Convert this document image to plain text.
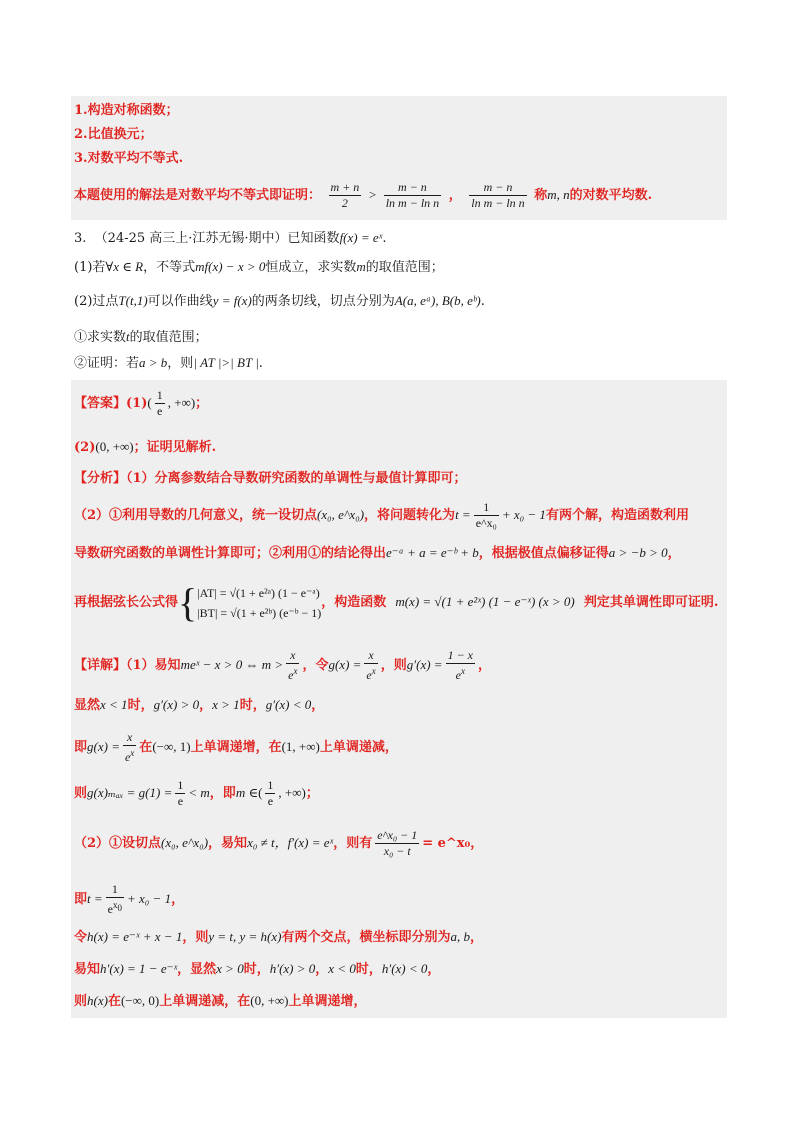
1.构造对称函数；
2.比值换元；
3.对数平均不等式.
本题使用的解法是对数平均不等式即证明： $\frac{m + n}{2} > \frac{m - n}{\text{ln m − ln n}}$ ， $\frac{m - n}{\text{ln m − ln n}}$ 称m, n的对数平均数.
3. （24-25 高三上·江苏无锡·期中）已知函数f(x) = eˣ.
(1)若∀x ∈ R，不等式mf(x) − x > 0恒成立，求实数m的取值范围；
(2)过点T(t,1)可以作曲线y = f(x)的两条切线，切点分别为A(a, eᵃ), B(b, eᵇ).
①求实数t的取值范围；
②证明：若a > b，则| AT |>| BT |.
【答案】$(1)( \frac{1}{e}$ , +∞)；
(2)(0, +∞)；证明见解析.
【分析】（1）分离参数结合导数研究函数的单调性与最值计算即可；
（2）①利用导数的几何意义，统一设切点(x₀, e^x₀)，将问题转化为$t = \frac{1}{\text{e\textasciicircum{}x₀}} + x_0 - 1$有两个解，构造函数利用
导数研究函数的单调性计算即可；②利用①的结论得出e⁻ᵃ + a = e⁻ᵇ + b，根据极值点偏移证得a > −b > 0，
再根据弦长公式得{ |AT| = √(1 + e²ᵃ) (1 − e⁻ᵃ)
|BT| = √(1 + e²ᵇ) (e⁻ᵇ − 1)
，构造函数 m(x) = √(1 + e²ˣ) (1 − e⁻ˣ) (x > 0) 判定其单调性即可证明.
【详解】（1）易知meˣ − x > 0 ⇔ $m > \frac{x}{e^x}$ ，令$g(x) = \frac{x}{e^x}$ ，则$g'(x) = \frac{1 - x}{e^x}$ ，
显然x < 1时，g′(x) > 0，x > 1时，g′(x) < 0，
即$g(x) = \frac{x}{e^x}$ 在(−∞, 1)上单调递增，在(1, +∞)上单调递减，
则$g(x)_{max} = g(1) = \frac{1}{e} < m$，即m ∈( $\frac{1}{e}$ , +∞)；
（2）①设切点(x₀, e^x₀)，易知x₀ ≠ t，f′(x) = eˣ，则有 $\frac{\text{e\textasciicircum{}x₀ − 1}}{\text{x₀ − t}}$ = e^x₀，
即$t = \frac{1}{e^{x0}} + x_0 - 1$，
令h(x) = e⁻ˣ + x − 1，则y = t, y = h(x)有两个交点，横坐标即分别为a, b，
易知h′(x) = 1 − e⁻ˣ，显然x > 0时，h′(x) > 0，x < 0时，h′(x) < 0，
则h(x)在(−∞, 0)上单调递减，在(0, +∞)上单调递增，
